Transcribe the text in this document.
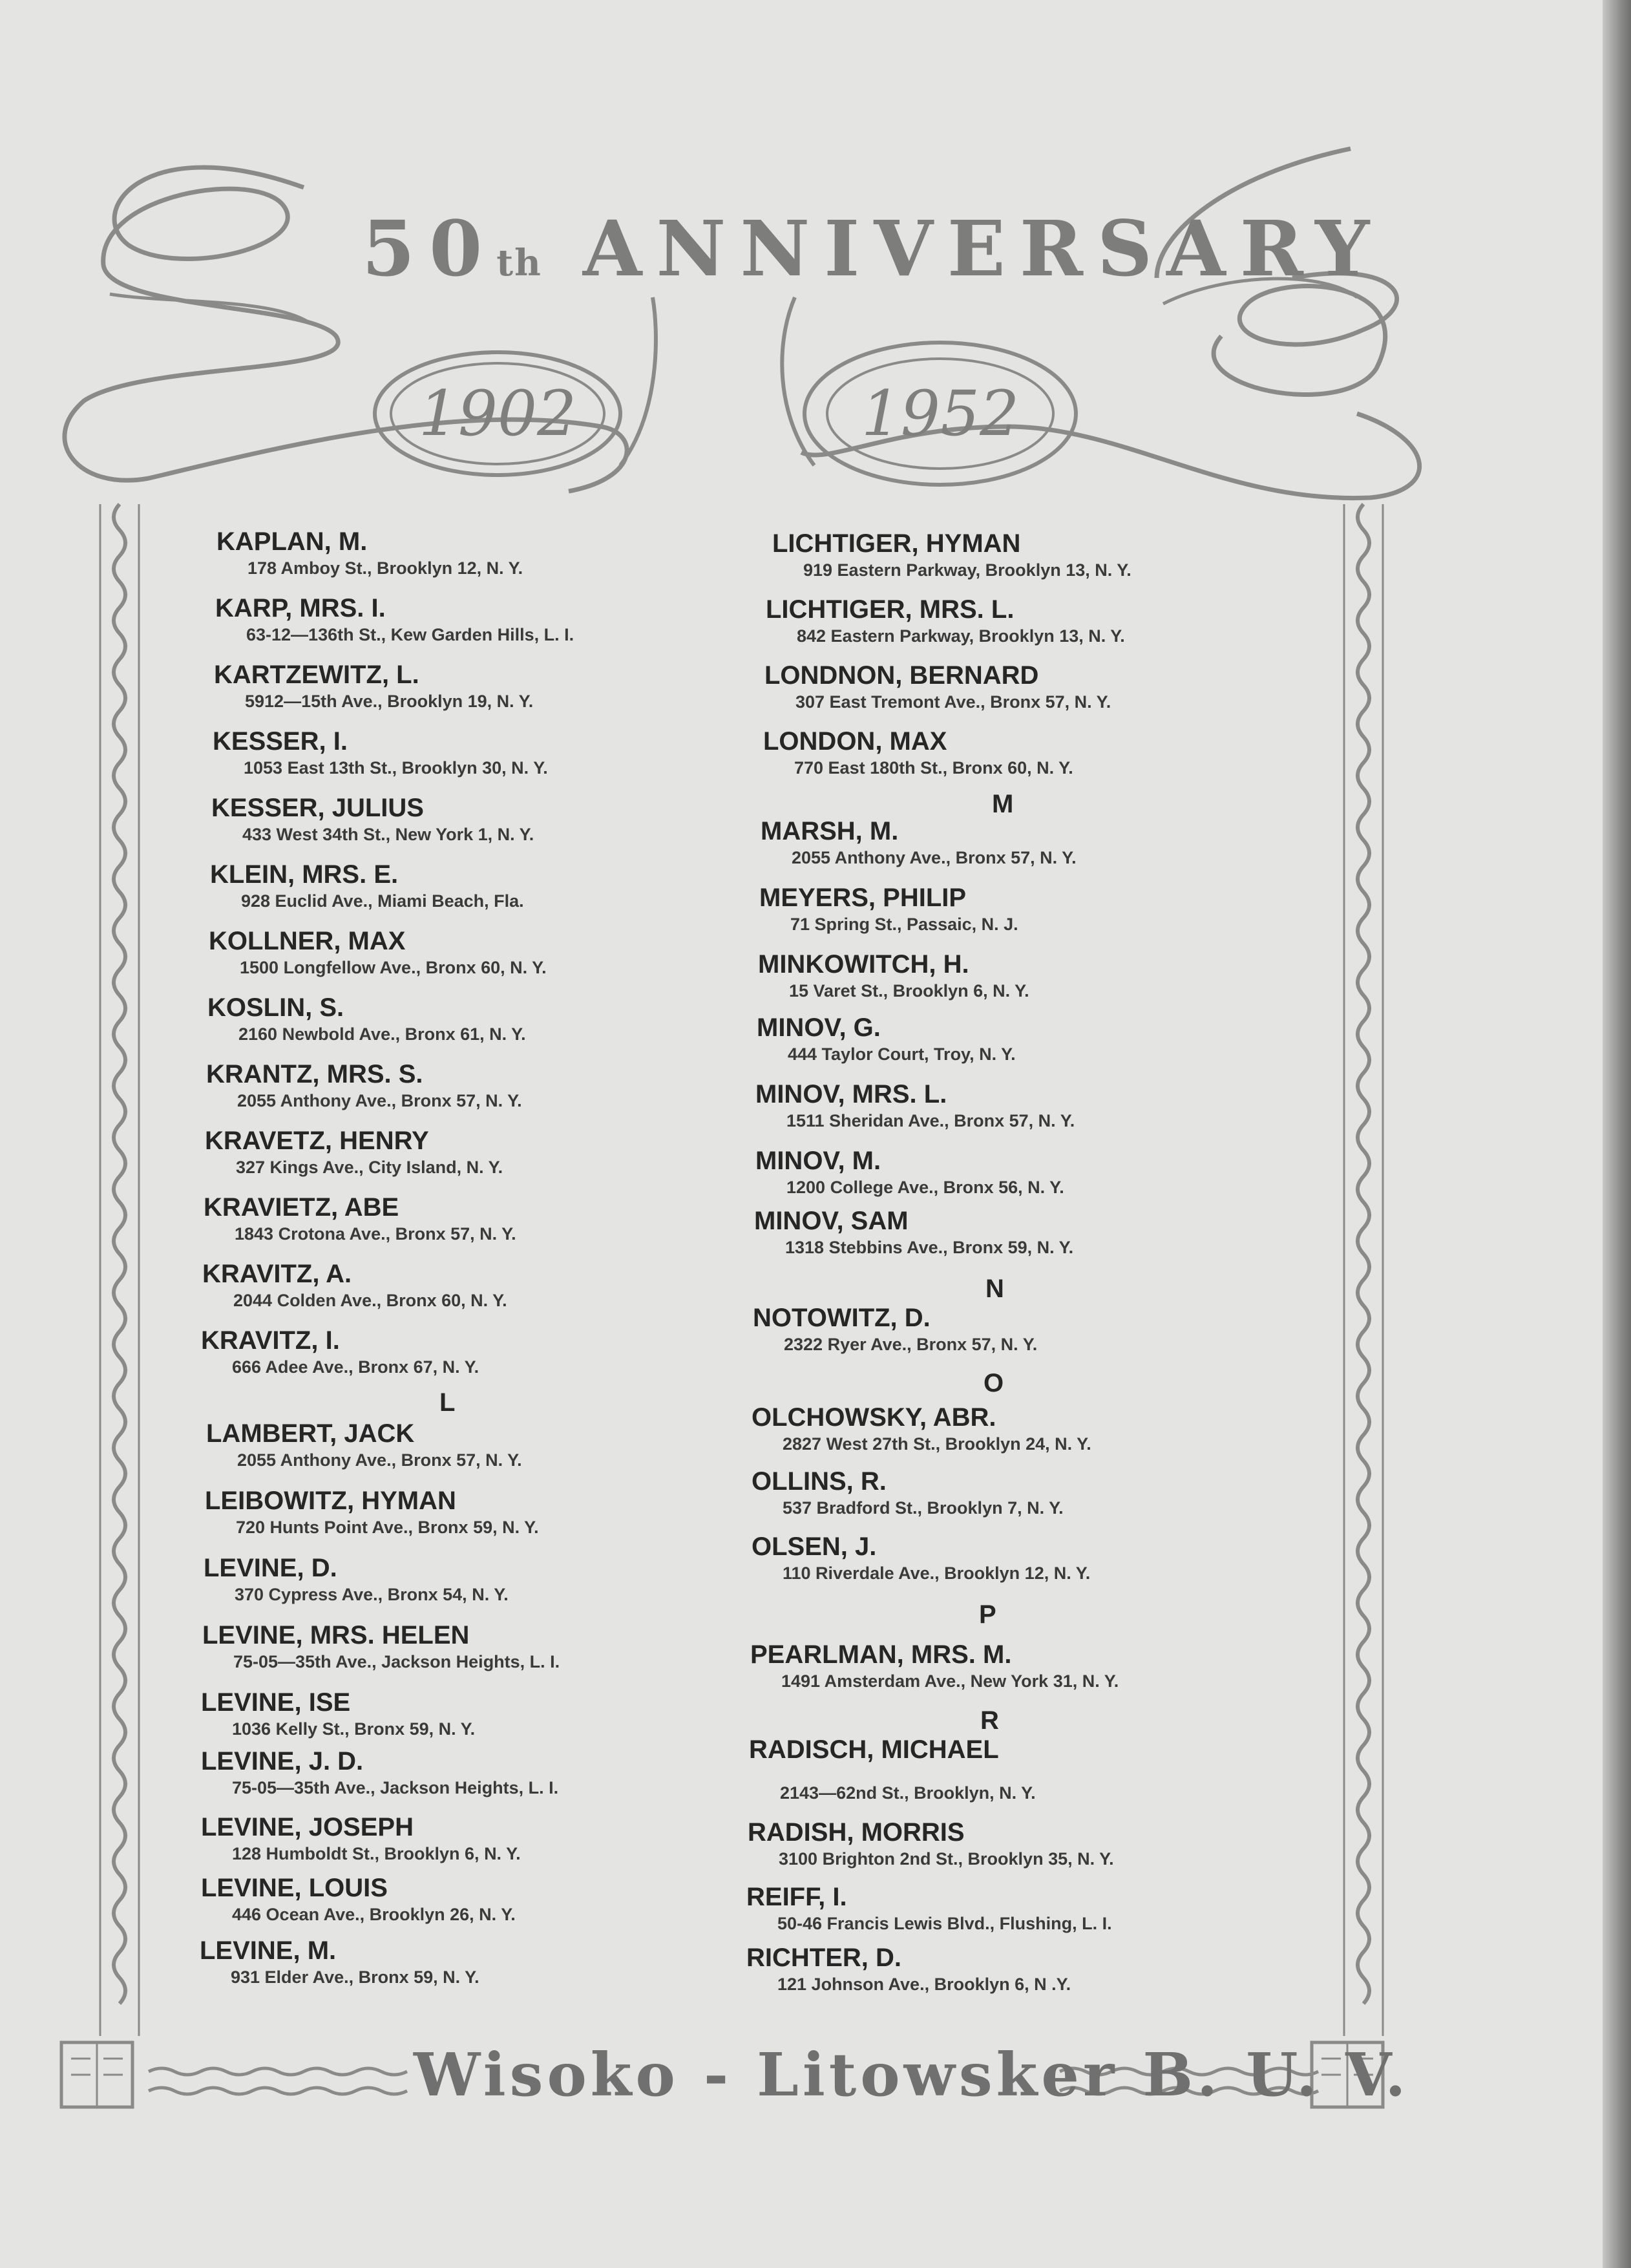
50th ANNIVERSARY
1902	1952
KAPLAN, M.
178 Amboy St., Brooklyn 12, N. Y.
KARP, MRS. I.
63-12—136th St., Kew Garden Hills, L. I.
KARTZEWITZ, L.
5912—15th Ave., Brooklyn 19, N. Y.
KESSER, I.
1053 East 13th St., Brooklyn 30, N. Y.
KESSER, JULIUS
433 West 34th St., New York 1, N. Y.
KLEIN, MRS. E.
928 Euclid Ave., Miami Beach, Fla.
KOLLNER, MAX
1500 Longfellow Ave., Bronx 60, N. Y.
KOSLIN, S.
2160 Newbold Ave., Bronx 61, N. Y.
KRANTZ, MRS. S.
2055 Anthony Ave., Bronx 57, N. Y.
KRAVETZ, HENRY
327 Kings Ave., City Island, N. Y.
KRAVIETZ, ABE
1843 Crotona Ave., Bronx 57, N. Y.
KRAVITZ, A.
2044 Colden Ave., Bronx 60, N. Y.
KRAVITZ, I.
666 Adee Ave., Bronx 67, N. Y.
L
LAMBERT, JACK
2055 Anthony Ave., Bronx 57, N. Y.
LEIBOWITZ, HYMAN
720 Hunts Point Ave., Bronx 59, N. Y.
LEVINE, D.
370 Cypress Ave., Bronx 54, N. Y.
LEVINE, MRS. HELEN
75-05—35th Ave., Jackson Heights, L. I.
LEVINE, ISE
1036 Kelly St., Bronx 59, N. Y.
LEVINE, J. D.
75-05—35th Ave., Jackson Heights, L. I.
LEVINE, JOSEPH
128 Humboldt St., Brooklyn 6, N. Y.
LEVINE, LOUIS
446 Ocean Ave., Brooklyn 26, N. Y.
LEVINE, M.
931 Elder Ave., Bronx 59, N. Y.
LICHTIGER, HYMAN
919 Eastern Parkway, Brooklyn 13, N. Y.
LICHTIGER, MRS. L.
842 Eastern Parkway, Brooklyn 13, N. Y.
LONDNON, BERNARD
307 East Tremont Ave., Bronx 57, N. Y.
LONDON, MAX
770 East 180th St., Bronx 60, N. Y.
M
MARSH, M.
2055 Anthony Ave., Bronx 57, N. Y.
MEYERS, PHILIP
71 Spring St., Passaic, N. J.
MINKOWITCH, H.
15 Varet St., Brooklyn 6, N. Y.
MINOV, G.
444 Taylor Court, Troy, N. Y.
MINOV, MRS. L.
1511 Sheridan Ave., Bronx 57, N. Y.
MINOV, M.
1200 College Ave., Bronx 56, N. Y.
MINOV, SAM
1318 Stebbins Ave., Bronx 59, N. Y.
N
NOTOWITZ, D.
2322 Ryer Ave., Bronx 57, N. Y.
O
OLCHOWSKY, ABR.
2827 West 27th St., Brooklyn 24, N. Y.
OLLINS, R.
537 Bradford St., Brooklyn 7, N. Y.
OLSEN, J.
110 Riverdale Ave., Brooklyn 12, N. Y.
P
PEARLMAN, MRS. M.
1491 Amsterdam Ave., New York 31, N. Y.
R
RADISCH, MICHAEL
2143—62nd St., Brooklyn, N. Y.
RADISH, MORRIS
3100 Brighton 2nd St., Brooklyn 35, N. Y.
REIFF, I.
50-46 Francis Lewis Blvd., Flushing, L. I.
RICHTER, D.
121 Johnson Ave., Brooklyn 6, N .Y.
Wisoko - Litowsker B. U. V.
